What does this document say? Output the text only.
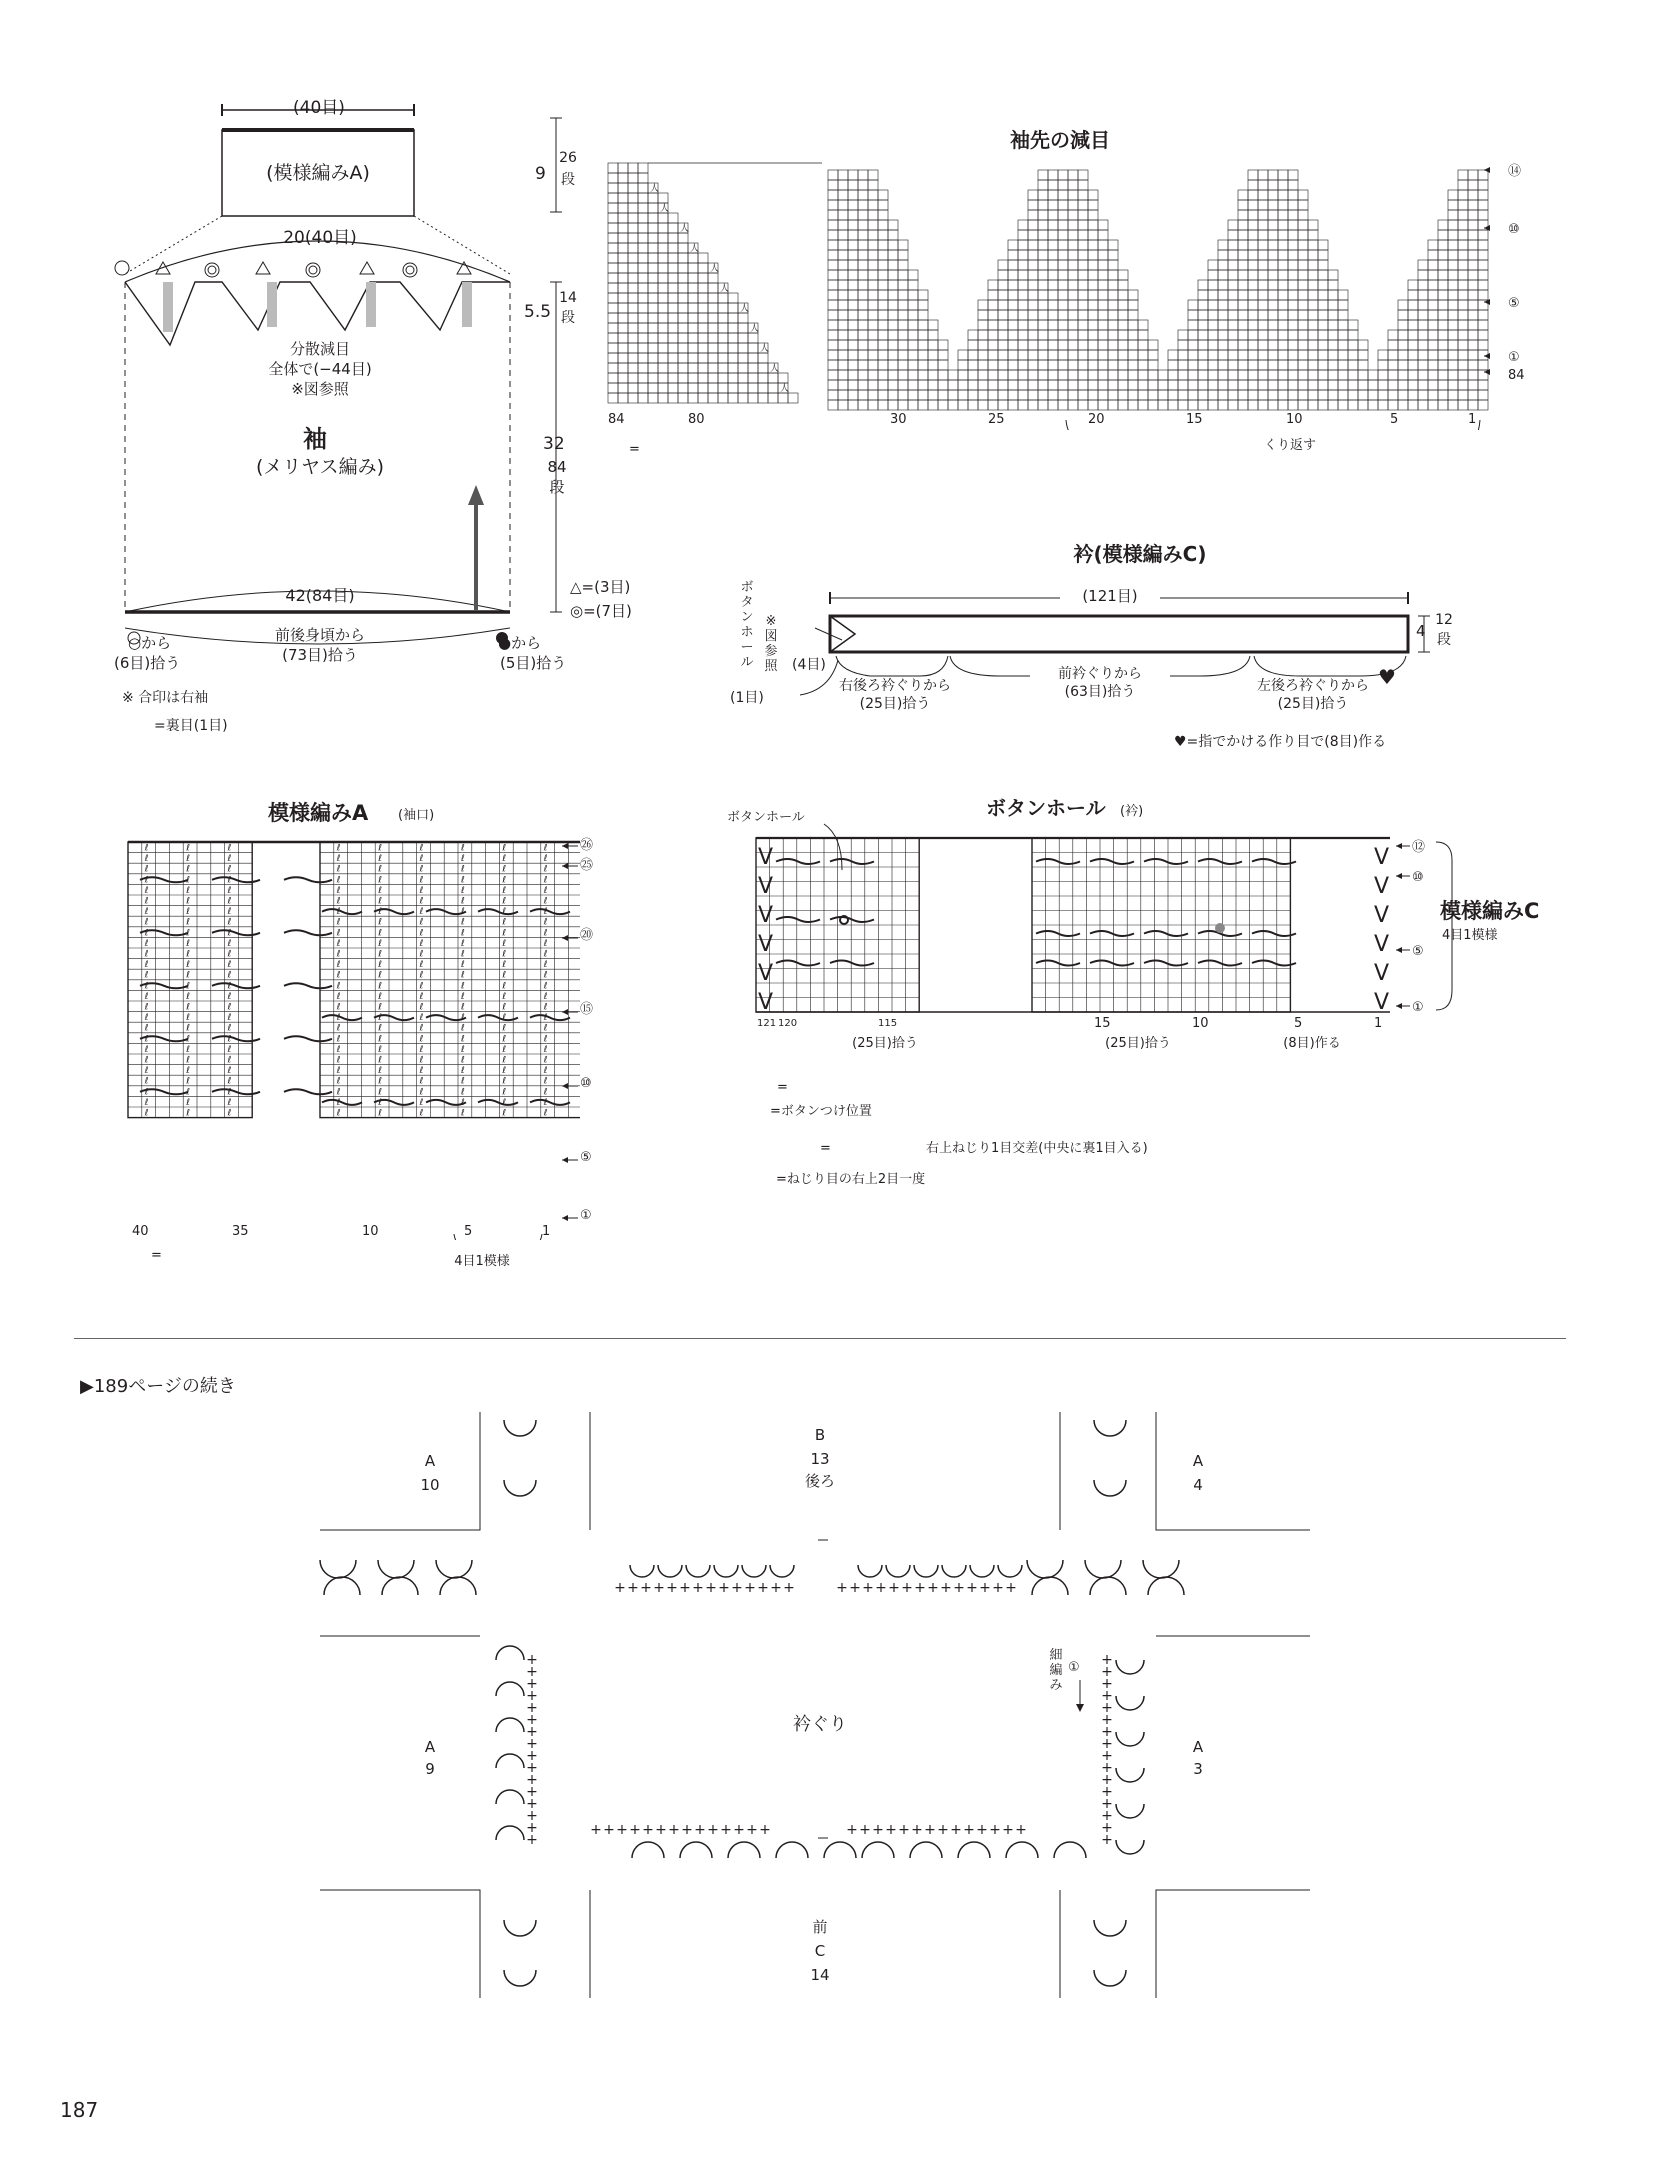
(40目)
(模様編みA)	9
26
段
20(40目)
5.5
14
段
分散減目
全体で(−44目)
※図参照
袖
(メリヤス編み)
32
84
段
42(84目)
○から
(6目)拾う
前後身頃から
(73目)拾う
●から
(5目)拾う
△=(3目)
◎=(7目)
※ 合印は右袖
=裏目(1目)
袖先の減目
人
人
人
人
人
人
人
人
人
人
人
84	80	30	25	20	15	10	5	1
⑭
⑩
⑤
①
84
くり返す
=
衿(模様編みC)
♥
(121目)
4
12
段
ボタンホール
※図参照
(1目)
(4目)
右後ろ衿ぐりから
(25目)拾う
前衿ぐりから
(63目)拾う	左後ろ衿ぐりから
(25目)拾う
♥=指でかける作り目で(8目)作る
模様編みA (袖口)
ℓ	ℓ	ℓ	ℓ	ℓ	ℓ	ℓ	ℓ	ℓ
ℓ	ℓ	ℓ	ℓ	ℓ	ℓ	ℓ	ℓ	ℓ
ℓ	ℓ	ℓ	ℓ	ℓ	ℓ	ℓ	ℓ	ℓ
ℓ	ℓ	ℓ	ℓ	ℓ	ℓ	ℓ	ℓ	ℓ
ℓ	ℓ	ℓ	ℓ	ℓ	ℓ	ℓ	ℓ	ℓ
ℓ	ℓ	ℓ	ℓ	ℓ	ℓ	ℓ	ℓ	ℓ
ℓ	ℓ	ℓ	ℓ	ℓ	ℓ	ℓ	ℓ	ℓ
ℓ	ℓ	ℓ	ℓ	ℓ	ℓ	ℓ	ℓ	ℓ
ℓ	ℓ	ℓ	ℓ	ℓ	ℓ	ℓ	ℓ	ℓ
ℓ	ℓ	ℓ	ℓ	ℓ	ℓ	ℓ	ℓ	ℓ
ℓ	ℓ	ℓ	ℓ	ℓ	ℓ	ℓ	ℓ	ℓ
ℓ	ℓ	ℓ	ℓ	ℓ	ℓ	ℓ	ℓ	ℓ
ℓ	ℓ	ℓ	ℓ	ℓ	ℓ	ℓ	ℓ	ℓ
ℓ	ℓ	ℓ	ℓ	ℓ	ℓ	ℓ	ℓ	ℓ
ℓ	ℓ	ℓ	ℓ	ℓ	ℓ	ℓ	ℓ	ℓ
ℓ	ℓ	ℓ	ℓ	ℓ	ℓ	ℓ	ℓ	ℓ
ℓ	ℓ	ℓ	ℓ	ℓ	ℓ	ℓ	ℓ	ℓ
ℓ	ℓ	ℓ	ℓ	ℓ	ℓ	ℓ	ℓ	ℓ
ℓ	ℓ	ℓ	ℓ	ℓ	ℓ	ℓ	ℓ	ℓ
ℓ	ℓ	ℓ	ℓ	ℓ	ℓ	ℓ	ℓ	ℓ
ℓ	ℓ	ℓ	ℓ	ℓ	ℓ	ℓ	ℓ	ℓ
ℓ	ℓ	ℓ	ℓ	ℓ	ℓ	ℓ	ℓ	ℓ
ℓ	ℓ	ℓ	ℓ	ℓ	ℓ	ℓ	ℓ	ℓ
ℓ	ℓ	ℓ	ℓ	ℓ	ℓ	ℓ	ℓ	ℓ
ℓ	ℓ	ℓ	ℓ	ℓ	ℓ	ℓ	ℓ	ℓ
ℓ	ℓ	ℓ	ℓ	ℓ	ℓ	ℓ	ℓ	ℓ
㉖
㉕
⑳
⑮
⑩
⑤
①
40	35	10	5	1
4目1模様
=
ボタンホール (衿)
ボタンホール
V	V
V	V
V	V
V	V
V	V
V	V
⑫
⑩
⑤
①
121 120	115	15	10	5	1
(25目)拾う	(25目)拾う	(8目)作る
模様編みC
4目1模様
=
=ボタンつけ位置
=	右上ねじり1目交差(中央に裏1目入る)
=ねじり目の右上2目一度
▶189ページの続き
+	+
+	+
+	+
+	+
+	+
+	+
+	+
+	+
+	+
+	+
+	+
+	+
+	+
+	+
+	+
+	+
+	+
+	+
+	+
+	+
+	+
+	+
+	+
+	+
+	+
+	+
+	+
+	+
+	+
+	+
+	+
+	+
+	+
+	+
+	+
+	+
+	+
+	+
+	+
+	+
+	+
+	+
+	+
+	+
B
13
後ろ
A
10
A
4
A
9
A
3
衿ぐり
前
C
14
細編み
①
187
